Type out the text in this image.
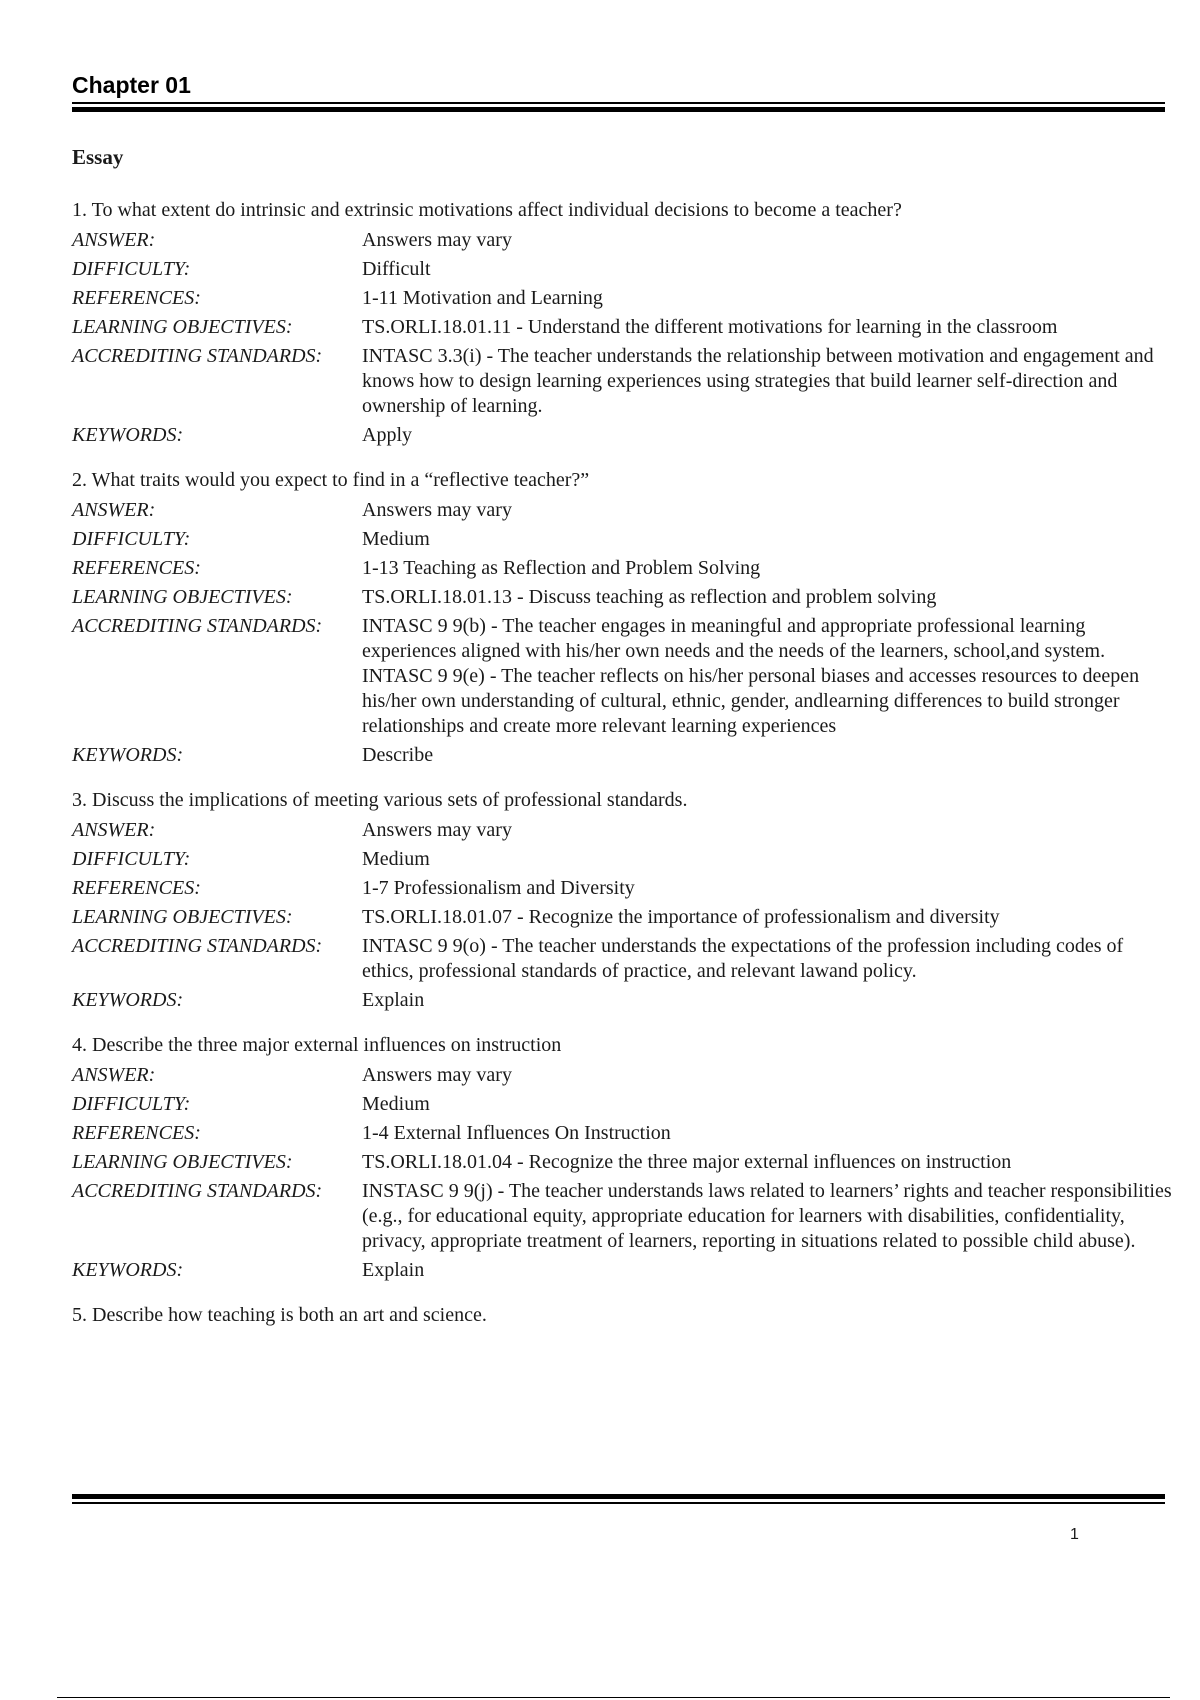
Chapter 01
Essay

1. To what extent do intrinsic and extrinsic motivations affect individual decisions to become a teacher?

ANSWER:	Answers may vary
DIFFICULTY:	Difficult
REFERENCES:	1-11 Motivation and Learning
LEARNING OBJECTIVES:	TS.ORLI.18.01.11 - Understand the different motivations for learning in the classroom
ACCREDITING STANDARDS:	INTASC 3.3(i) - The teacher understands the relationship between motivation and engagement and knows how to design learning experiences using strategies that build learner self-direction and ownership of learning.
KEYWORDS:	Apply

2. What traits would you expect to find in a “reflective teacher?”

ANSWER:	Answers may vary
DIFFICULTY:	Medium
REFERENCES:	1-13 Teaching as Reflection and Problem Solving
LEARNING OBJECTIVES:	TS.ORLI.18.01.13 - Discuss teaching as reflection and problem solving
ACCREDITING STANDARDS:	INTASC 9 9(b) - The teacher engages in meaningful and appropriate professional learning experiences aligned with his/her own needs and the needs of the learners, school,and system.
INTASC 9 9(e) - The teacher reflects on his/her personal biases and accesses resources to deepen his/her own understanding of cultural, ethnic, gender, andlearning differences to build stronger relationships and create more relevant learning experiences
KEYWORDS:	Describe

3. Discuss the implications of meeting various sets of professional standards.

ANSWER:	Answers may vary
DIFFICULTY:	Medium
REFERENCES:	1-7 Professionalism and Diversity
LEARNING OBJECTIVES:	TS.ORLI.18.01.07 - Recognize the importance of professionalism and diversity
ACCREDITING STANDARDS:	INTASC 9 9(o) - The teacher understands the expectations of the profession including codes of ethics, professional standards of practice, and relevant lawand policy.
KEYWORDS:	Explain

4. Describe the three major external influences on instruction

ANSWER:	Answers may vary
DIFFICULTY:	Medium
REFERENCES:	1-4 External Influences On Instruction
LEARNING OBJECTIVES:	TS.ORLI.18.01.04 - Recognize the three major external influences on instruction
ACCREDITING STANDARDS:	INSTASC 9 9(j) - The teacher understands laws related to learners’ rights and teacher responsibilities (e.g., for educational equity, appropriate education for learners with disabilities, confidentiality, privacy, appropriate treatment of learners, reporting in situations related to possible child abuse).
KEYWORDS:	Explain

5. Describe how teaching is both an art and science.

1
